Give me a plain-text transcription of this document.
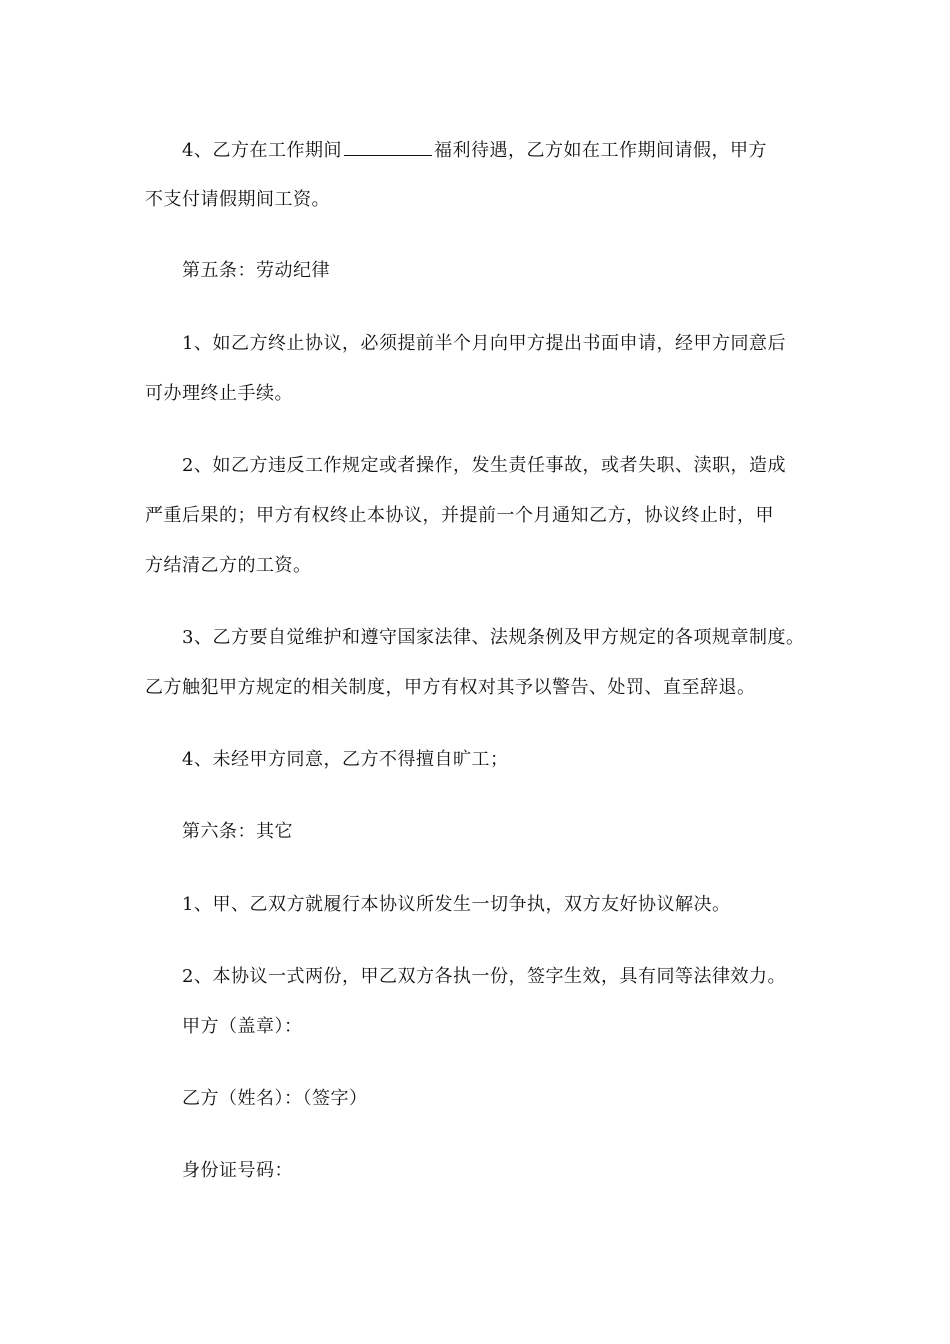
4、乙方在工作期间	福利待遇，乙方如在工作期间请假，甲方
不支付请假期间工资。
第五条：劳动纪律
1、如乙方终止协议，必须提前半个月向甲方提出书面申请，经甲方同意后
可办理终止手续。
2、如乙方违反工作规定或者操作，发生责任事故，或者失职、渎职，造成
严重后果的；甲方有权终止本协议，并提前一个月通知乙方，协议终止时，甲
方结清乙方的工资。
3、乙方要自觉维护和遵守国家法律、法规条例及甲方规定的各项规章制度。
乙方触犯甲方规定的相关制度，甲方有权对其予以警告、处罚、直至辞退。
4、未经甲方同意，乙方不得擅自旷工；
第六条：其它
1、甲、乙双方就履行本协议所发生一切争执，双方友好协议解决。
2、本协议一式两份，甲乙双方各执一份，签字生效，具有同等法律效力。
甲方（盖章）：
乙方（姓名）：（签字）
身份证号码：
